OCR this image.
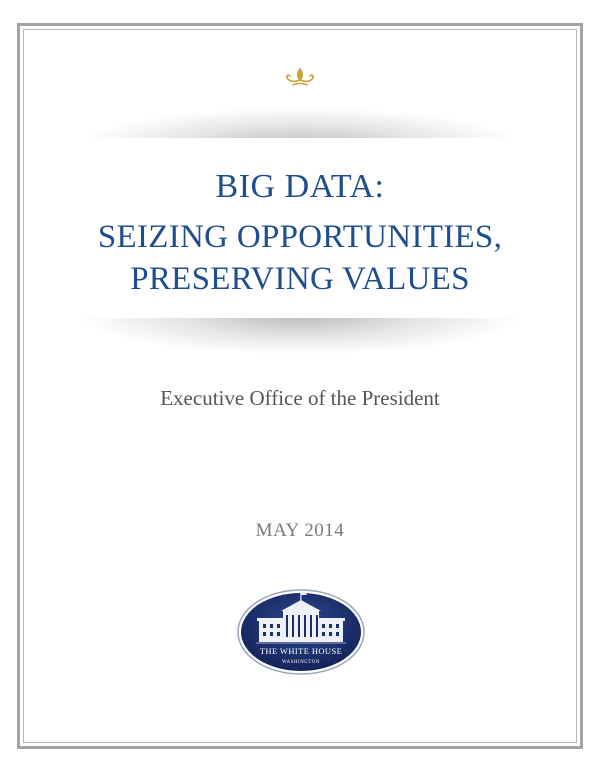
BIG DATA:
SEIZING OPPORTUNITIES,
PRESERVING VALUES
Executive Office of the President
MAY 2014
THE WHITE HOUSE
WASHINGTON
